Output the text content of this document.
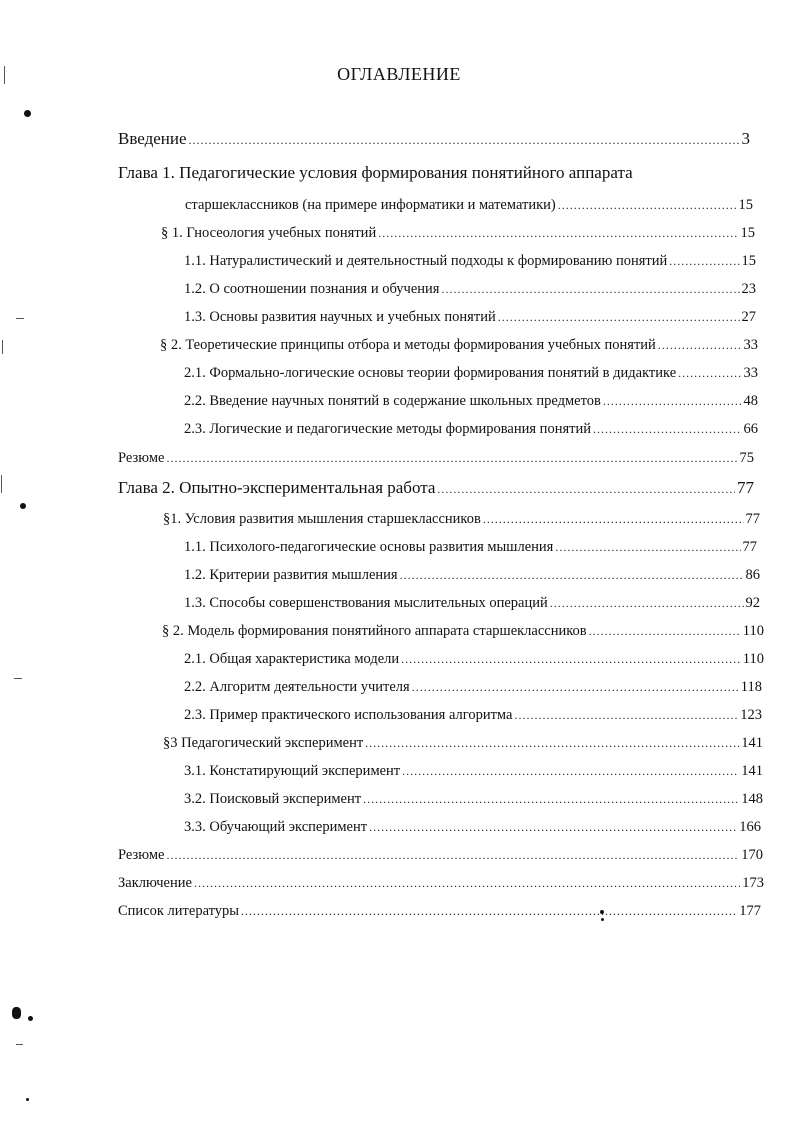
ОГЛАВЛЕНИЕ
Введение .....	3
Глава 1. Педагогические условия формирования понятийного аппарата
старшеклассников (на примере информатики и математики) .....	15
§ 1. Гносеология учебных понятий .....	15
1.1. Натуралистический и деятельностный подходы к формированию понятий .....	15
1.2. О соотношении познания и обучения .....	23
1.3. Основы развития научных и учебных понятий .....	27
§ 2. Теоретические принципы отбора и методы формирования учебных понятий .....	33
2.1. Формально-логические основы теории формирования понятий в дидактике .....	33
2.2. Введение научных понятий в содержание школьных предметов .....	48
2.3. Логические и педагогические методы формирования понятий .....	66
Резюме .....	75
Глава 2. Опытно-экспериментальная работа .....	77
§1. Условия развития мышления старшеклассников .....	77
1.1. Психолого-педагогические основы развития мышления .....	77
1.2. Критерии развития мышления .....	86
1.3. Способы совершенствования мыслительных операций .....	92
§ 2. Модель формирования понятийного аппарата старшеклассников .....	110
2.1. Общая характеристика модели .....	110
2.2. Алгоритм деятельности учителя .....	118
2.3. Пример практического использования алгоритма .....	123
§3 Педагогический эксперимент .....	141
3.1. Констатирующий эксперимент .....	141
3.2. Поисковый эксперимент .....	148
3.3. Обучающий эксперимент .....	166
Резюме .....	170
Заключение .....	173
Список литературы .....	177
